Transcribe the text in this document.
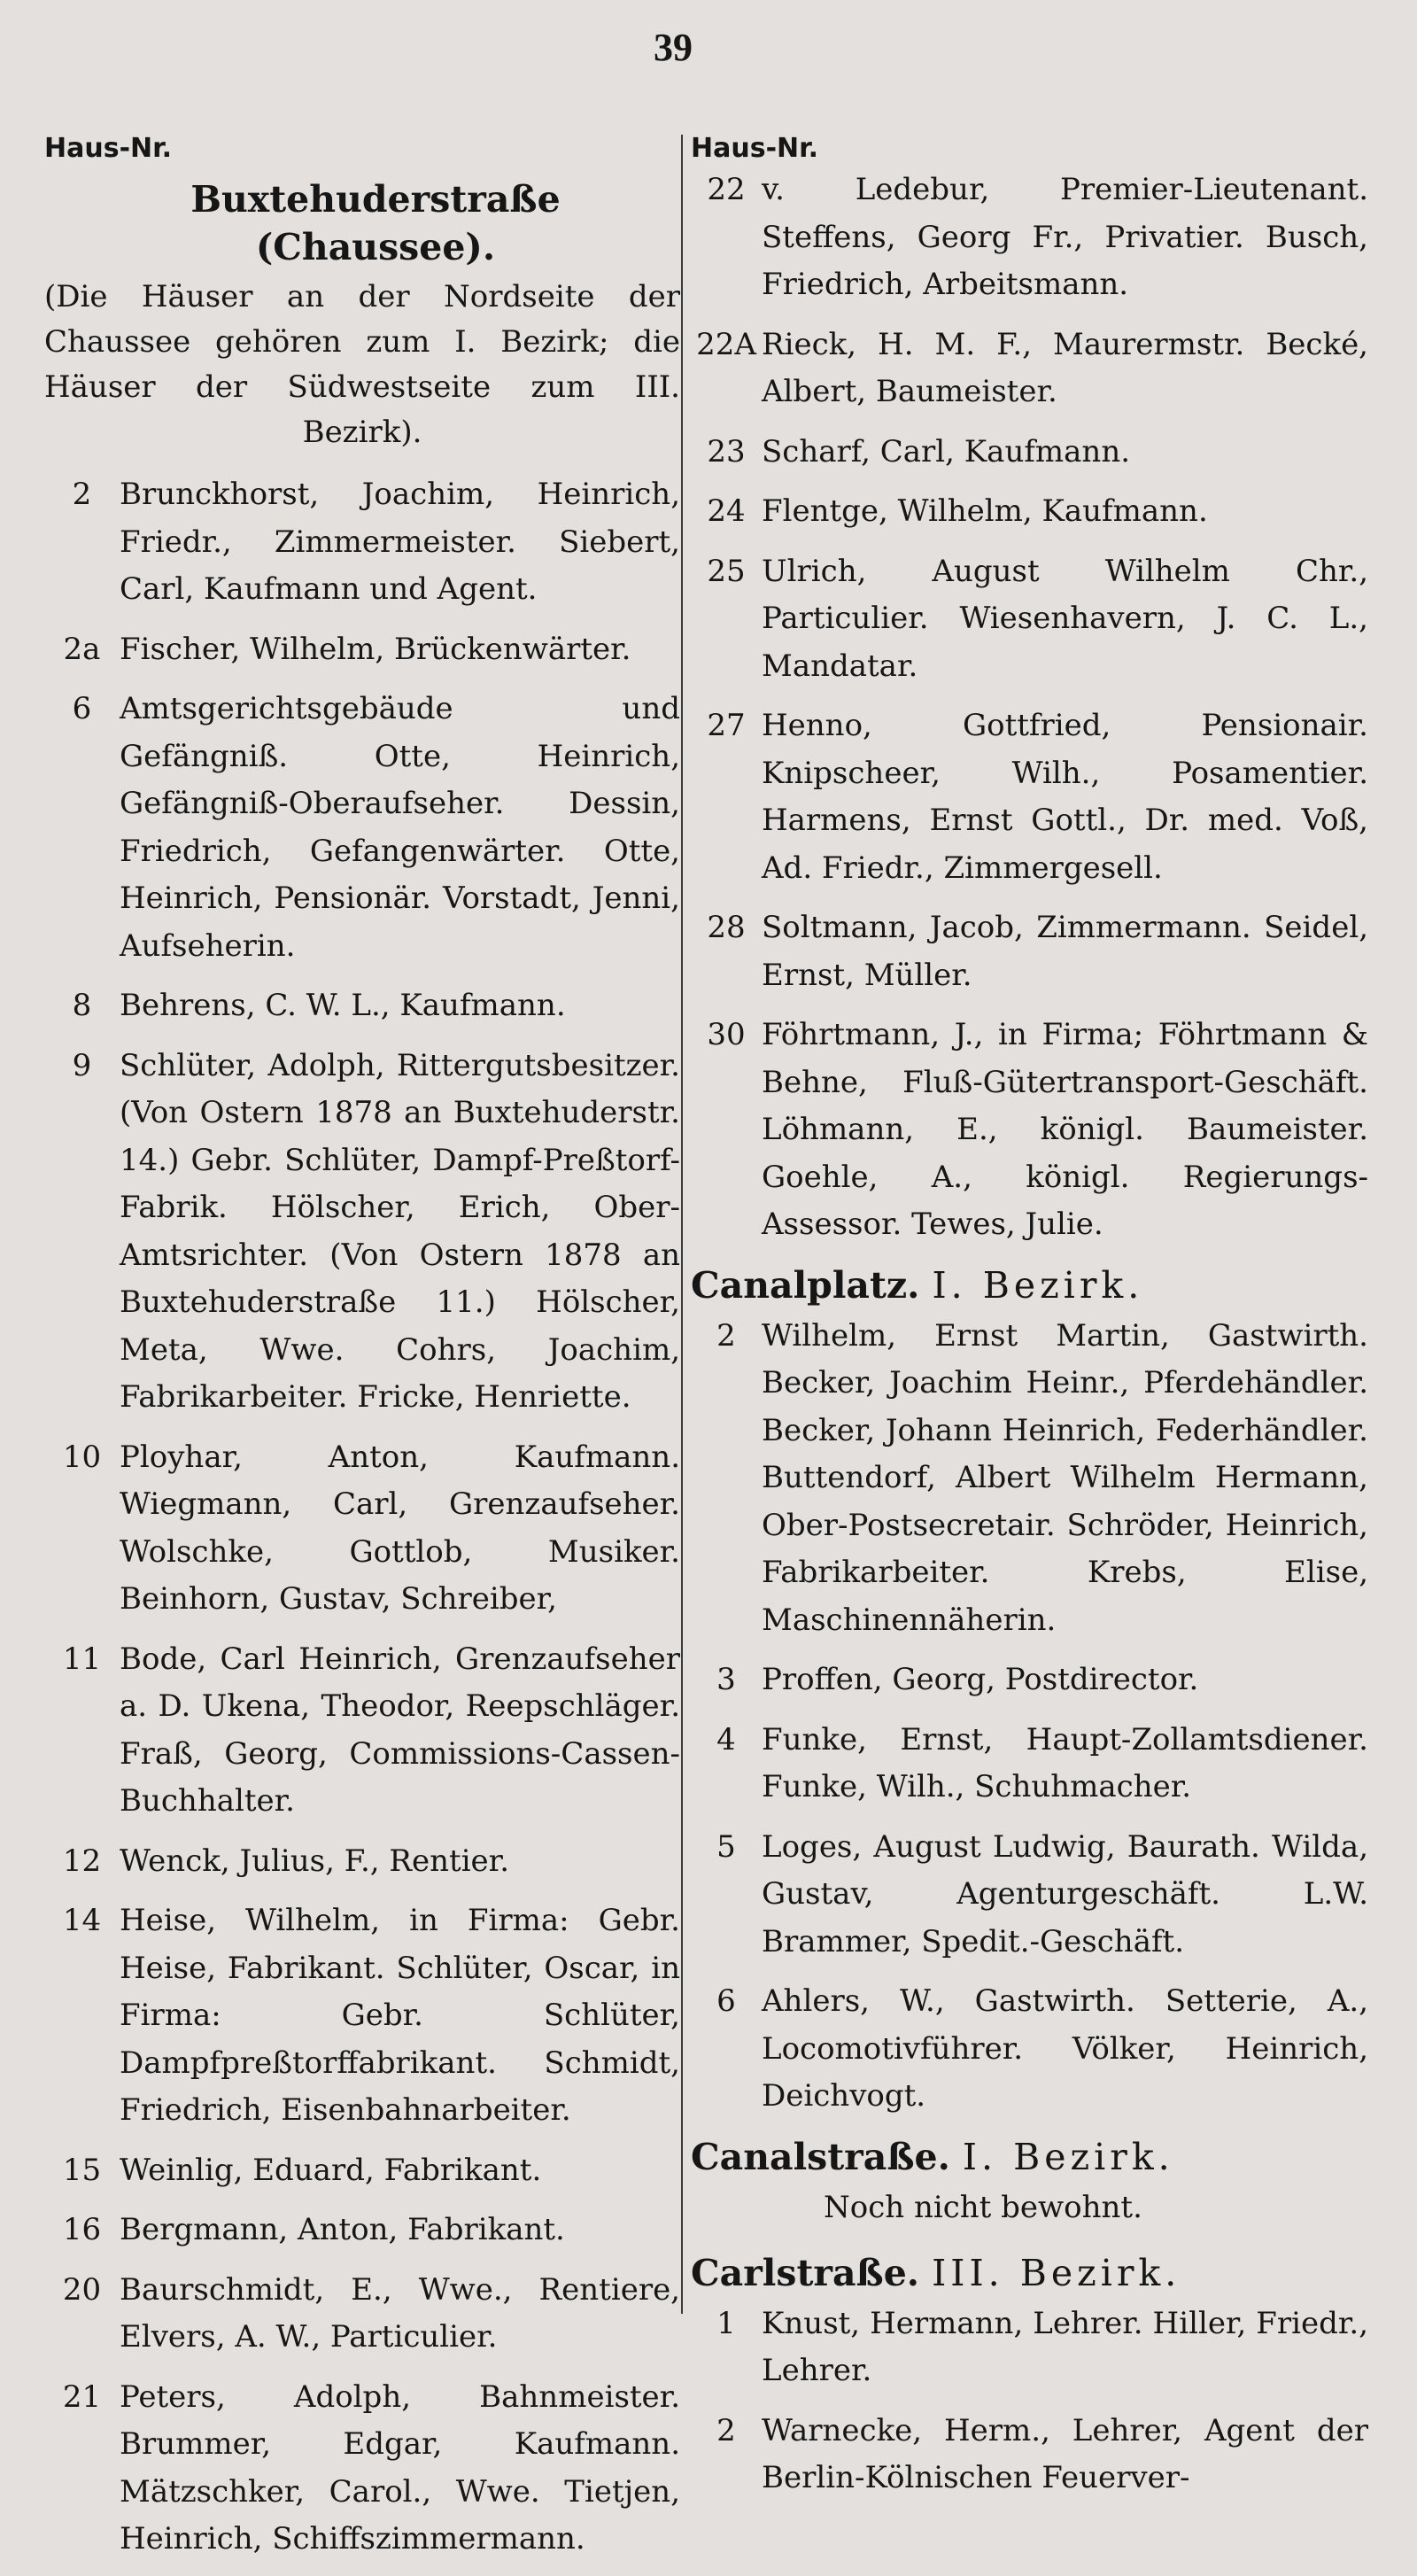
39
Haus-Nr.
Buxtehuderstraße (Chaussee).
(Die Häuser an der Nordseite der Chaussee gehören zum I. Bezirk; die Häuser der Südwestseite zum III. Bezirk).
2 Brunckhorst, Joachim, Heinrich, Friedr., Zimmermeister. Siebert, Carl, Kaufmann und Agent.
2a Fischer, Wilhelm, Brückenwärter.
6 Amtsgerichtsgebäude und Gefängniß. Otte, Heinrich, Gefängniß-Oberaufseher. Dessin, Friedrich, Gefangenwärter. Otte, Heinrich, Pensionär. Vorstadt, Jenni, Aufseherin.
8 Behrens, C. W. L., Kaufmann.
9 Schlüter, Adolph, Rittergutsbesitzer. (Von Ostern 1878 an Buxtehuderstr. 14.) Gebr. Schlüter, Dampf-Preßtorf-Fabrik. Hölscher, Erich, Ober-Amtsrichter. (Von Ostern 1878 an Buxtehuderstraße 11.) Hölscher, Meta, Wwe. Cohrs, Joachim, Fabrikarbeiter. Fricke, Henriette.
10 Ployhar, Anton, Kaufmann. Wiegmann, Carl, Grenzaufseher. Wolschke, Gottlob, Musiker. Beinhorn, Gustav, Schreiber,
11 Bode, Carl Heinrich, Grenzaufseher a. D. Ukena, Theodor, Reepschläger. Fraß, Georg, Commissions-Cassen-Buchhalter.
12 Wenck, Julius, F., Rentier.
14 Heise, Wilhelm, in Firma: Gebr. Heise, Fabrikant. Schlüter, Oscar, in Firma: Gebr. Schlüter, Dampfpreßtorffabrikant. Schmidt, Friedrich, Eisenbahnarbeiter.
15 Weinlig, Eduard, Fabrikant.
16 Bergmann, Anton, Fabrikant.
20 Baurschmidt, E., Wwe., Rentiere, Elvers, A. W., Particulier.
21 Peters, Adolph, Bahnmeister. Brummer, Edgar, Kaufmann. Mätzschker, Carol., Wwe. Tietjen, Heinrich, Schiffszimmermann.
Haus-Nr.
22 v. Ledebur, Premier-Lieutenant. Steffens, Georg Fr., Privatier. Busch, Friedrich, Arbeitsmann.
22A Rieck, H. M. F., Maurermstr. Becké, Albert, Baumeister.
23 Scharf, Carl, Kaufmann.
24 Flentge, Wilhelm, Kaufmann.
25 Ulrich, August Wilhelm Chr., Particulier. Wiesenhavern, J. C. L., Mandatar.
27 Henno, Gottfried, Pensionair. Knipscheer, Wilh., Posamentier. Harmens, Ernst Gottl., Dr. med. Voß, Ad. Friedr., Zimmergesell.
28 Soltmann, Jacob, Zimmermann. Seidel, Ernst, Müller.
30 Föhrtmann, J., in Firma; Föhrtmann & Behne, Fluß-Gütertransport-Geschäft. Löhmann, E., königl. Baumeister. Goehle, A., königl. Regierungs-Assessor. Tewes, Julie.
Canalplatz. I. Bezirk.
2 Wilhelm, Ernst Martin, Gastwirth. Becker, Joachim Heinr., Pferdehändler. Becker, Johann Heinrich, Federhändler. Buttendorf, Albert Wilhelm Hermann, Ober-Postsecretair. Schröder, Heinrich, Fabrikarbeiter. Krebs, Elise, Maschinennäherin.
3 Proffen, Georg, Postdirector.
4 Funke, Ernst, Haupt-Zollamtsdiener. Funke, Wilh., Schuhmacher.
5 Loges, August Ludwig, Baurath. Wilda, Gustav, Agenturgeschäft. L.W. Brammer, Spedit.-Geschäft.
6 Ahlers, W., Gastwirth. Setterie, A., Locomotivführer. Völker, Heinrich, Deichvogt.
Canalstraße. I. Bezirk.
Noch nicht bewohnt.
Carlstraße. III. Bezirk.
1 Knust, Hermann, Lehrer. Hiller, Friedr., Lehrer.
2 Warnecke, Herm., Lehrer, Agent der Berlin-Kölnischen Feuerver-
